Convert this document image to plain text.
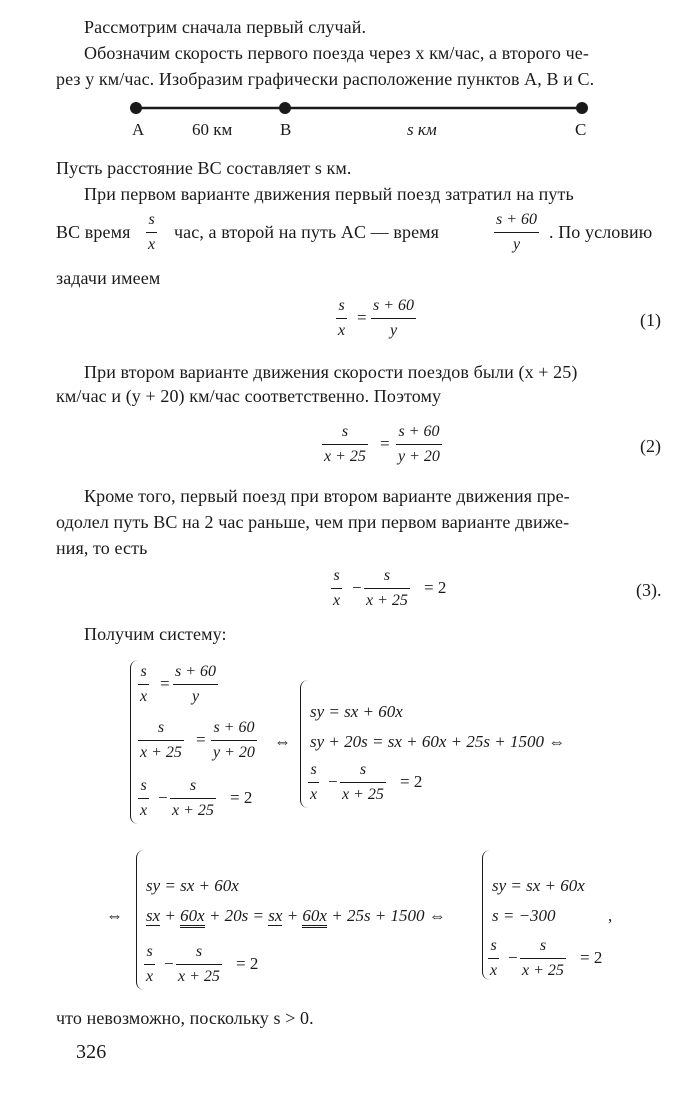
Рассмотрим сначала первый случай.
Обозначим скорость первого поезда через x км/час, а второго че-
рез y км/час. Изобразим графически расположение пунктов A, B и C.
A	60 км	B	s км	C
Пусть расстояние BC составляет s км.
При первом варианте движения первый поезд затратил на путь
BC время $\frac{s}{x}$ час, а второй на путь AC — время	$\frac{s + 60}{y}$ . По условию
задачи имеем
$\frac{s}{x} = \frac{s + 60}{y}$	(1)
При втором варианте движения скорости поездов были (x + 25)
км/час и (y + 20) км/час соответственно. Поэтому
$\frac{s}{x + 25} = \frac{s + 60}{y + 20}$	(2)
Кроме того, первый поезд при втором варианте движения пре-
одолел путь BC на 2 час раньше, чем при первом варианте движе-
ния, то есть
$\frac{s}{x} - \frac{s}{x + 25} = 2$	(3).
Получим систему:
$\frac{s}{x} = \frac{s + 60}{y}$
$\frac{s}{x + 25} = \frac{s + 60}{y + 20}$
$\frac{s}{x} - \frac{s}{x + 25} = 2$
⇔
sy = sx + 60x
sy + 20s = sx + 60x + 25s + 1500 ⇔
$\frac{s}{x} - \frac{s}{x + 25} = 2$
⇔
sy = sx + 60x
sx + 60x + 20s = sx + 60x + 25s + 1500 ⇔
$\frac{s}{x} - \frac{s}{x + 25} = 2$
sy = sx + 60x
s = −300
$\frac{s}{x} - \frac{s}{x + 25} = 2$
,
что невозможно, поскольку s > 0.
326
